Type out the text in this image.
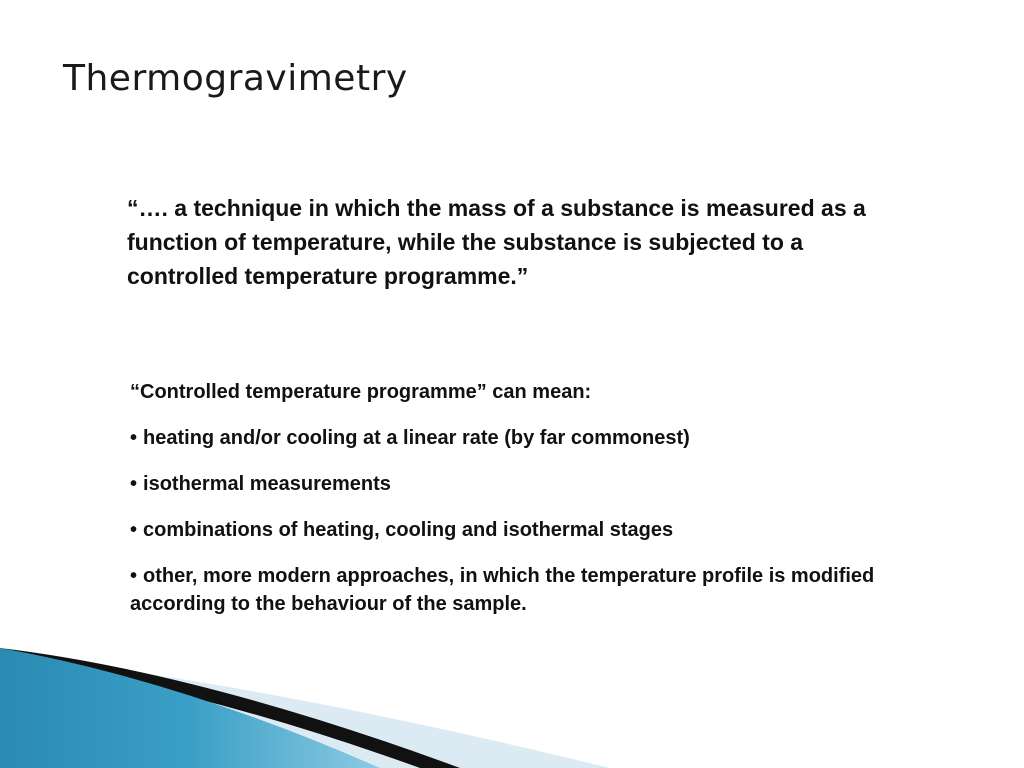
Thermogravimetry

“…. a technique in which the mass of a substance is measured as a function of temperature, while the substance is subjected to a controlled temperature programme.”

“Controlled temperature programme” can mean:

• heating and/or cooling at a linear rate (by far commonest)
• isothermal measurements
• combinations of heating, cooling and isothermal stages
• other, more modern approaches, in which the temperature profile is modified according to the behaviour of the sample.
